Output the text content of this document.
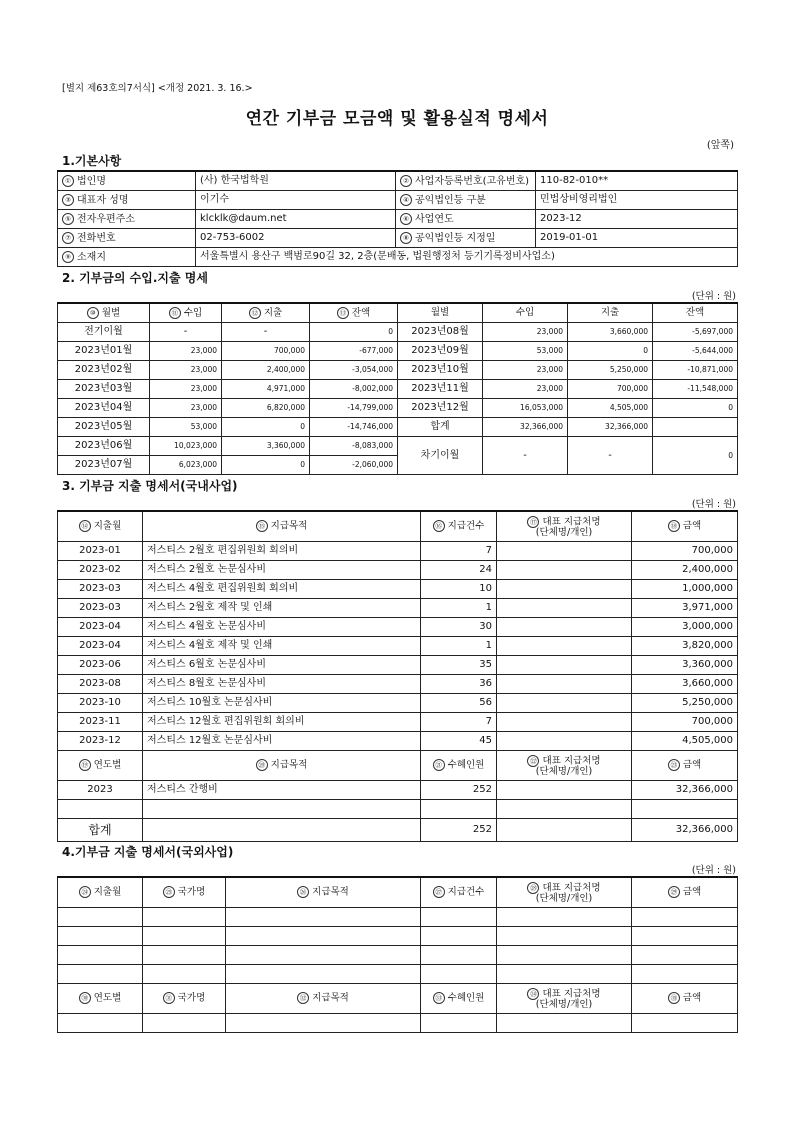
[별지 제63호의7서식] <개정 2021. 3. 16.>
연간 기부금 모금액 및 활용실적 명세서
(앞쪽)
1.기본사항
① 법인명	(사) 한국법학원	② 사업자등록번호(고유번호)	110-82-010**
③ 대표자 성명	이기수	④ 공익법인등 구분	민법상비영리법인
⑤ 전자우편주소	klcklk@daum.net	⑥ 사업연도	2023-12
⑦ 전화번호	02-753-6002	⑧ 공익법인등 지정일	2019-01-01
⑨ 소재지	서울특별시 용산구 백범로90길 32, 2층(문배동, 법원행정처 등기기록정비사업소)		
2. 기부금의 수입.지출 명세
(단위 : 원)
⑩ 월별	⑪ 수입	⑫ 지출	⑬ 잔액	월별	수입	지출	잔액
전기이월	-	-	0	2023년08월	23,000	3,660,000	-5,697,000
2023년01월	23,000	700,000	-677,000	2023년09월	53,000	0	-5,644,000
2023년02월	23,000	2,400,000	-3,054,000	2023년10월	23,000	5,250,000	-10,871,000
2023년03월	23,000	4,971,000	-8,002,000	2023년11월	23,000	700,000	-11,548,000
2023년04월	23,000	6,820,000	-14,799,000	2023년12월	16,053,000	4,505,000	0
2023년05월	53,000	0	-14,746,000	합계	32,366,000	32,366,000	
2023년06월	10,023,000	3,360,000	-8,083,000	차기이월	-	-	0
2023년07월	6,023,000	0	-2,060,000				
3. 기부금 지출 명세서(국내사업)
(단위 : 원)
⑭ 지출월	⑮ 지급목적	⑯ 지급건수	⑰ 대표 지급처명
(단체명/개인)	⑱ 금액
2023-01	저스티스 2월호 편집위원회 회의비	7		700,000
2023-02	저스티스 2월호 논문심사비	24		2,400,000
2023-03	저스티스 4월호 편집위원회 회의비	10		1,000,000
2023-03	저스티스 2월호 제작 및 인쇄	1		3,971,000
2023-04	저스티스 4월호 논문심사비	30		3,000,000
2023-04	저스티스 4월호 제작 및 인쇄	1		3,820,000
2023-06	저스티스 6월호 논문심사비	35		3,360,000
2023-08	저스티스 8월호 논문심사비	36		3,660,000
2023-10	저스티스 10월호 논문심사비	56		5,250,000
2023-11	저스티스 12월호 편집위원회 회의비	7		700,000
2023-12	저스티스 12월호 논문심사비	45		4,505,000
⑲ 연도별	⑳ 지급목적	㉑ 수혜인원	㉒ 대표 지급처명
(단체명/개인)	㉓ 금액
2023	저스티스 간행비	252		32,366,000

합계		252		32,366,000
4.기부금 지출 명세서(국외사업)
(단위 : 원)
㉔ 지출월	㉕ 국가명	㉖ 지급목적	㉗ 지급건수	㉘ 대표 지급처명
(단체명/개인)	㉙ 금액

㉚ 연도별	㉛ 국가명	㉜ 지급목적	㉝ 수혜인원	㉞ 대표 지급처명
(단체명/개인)	㉟ 금액
